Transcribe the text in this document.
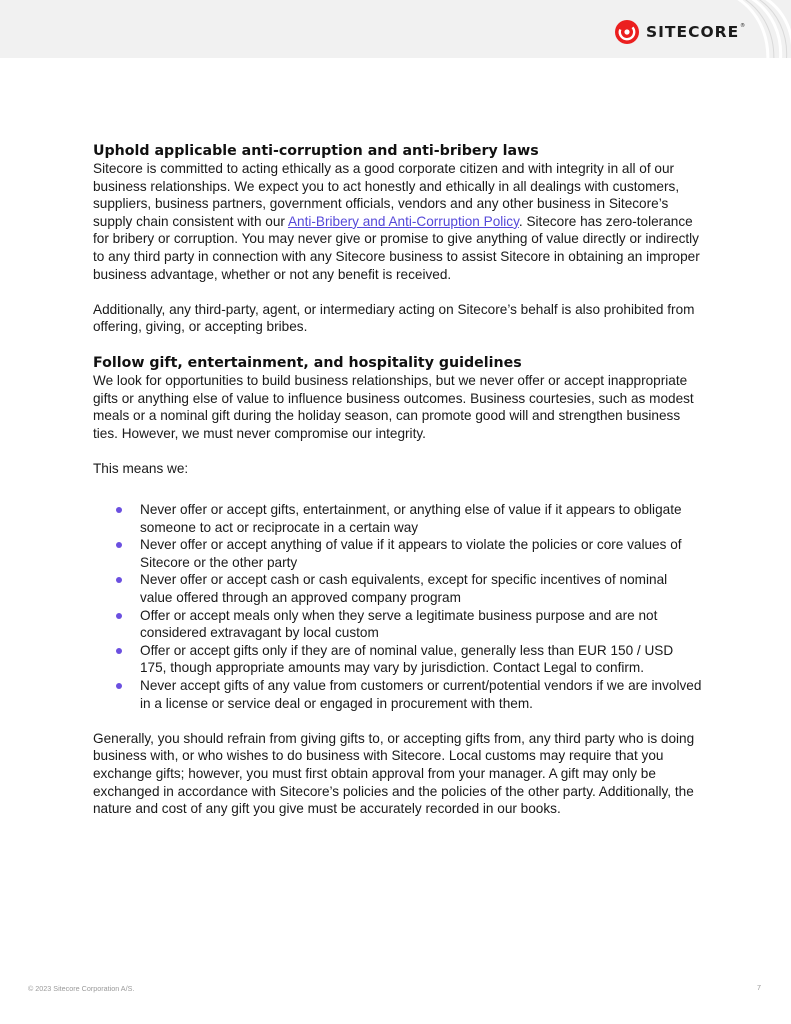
SITECORE®
Uphold applicable anti-corruption and anti-bribery laws

Sitecore is committed to acting ethically as a good corporate citizen and with integrity in all of our business relationships. We expect you to act honestly and ethically in all dealings with customers, suppliers, business partners, government officials, vendors and any other business in Sitecore’s supply chain consistent with our Anti-Bribery and Anti-Corruption Policy. Sitecore has zero-tolerance for bribery or corruption. You may never give or promise to give anything of value directly or indirectly to any third party in connection with any Sitecore business to assist Sitecore in obtaining an improper business advantage, whether or not any benefit is received.

Additionally, any third-party, agent, or intermediary acting on Sitecore’s behalf is also prohibited from offering, giving, or accepting bribes.

Follow gift, entertainment, and hospitality guidelines

We look for opportunities to build business relationships, but we never offer or accept inappropriate gifts or anything else of value to influence business outcomes. Business courtesies, such as modest meals or a nominal gift during the holiday season, can promote good will and strengthen business ties. However, we must never compromise our integrity.

This means we:

Never offer or accept gifts, entertainment, or anything else of value if it appears to obligate someone to act or reciprocate in a certain way
Never offer or accept anything of value if it appears to violate the policies or core values of Sitecore or the other party
Never offer or accept cash or cash equivalents, except for specific incentives of nominal value offered through an approved company program
Offer or accept meals only when they serve a legitimate business purpose and are not considered extravagant by local custom
Offer or accept gifts only if they are of nominal value, generally less than EUR 150 / USD 175, though appropriate amounts may vary by jurisdiction. Contact Legal to confirm.
Never accept gifts of any value from customers or current/potential vendors if we are involved in a license or service deal or engaged in procurement with them.

Generally, you should refrain from giving gifts to, or accepting gifts from, any third party who is doing business with, or who wishes to do business with Sitecore. Local customs may require that you exchange gifts; however, you must first obtain approval from your manager. A gift may only be exchanged in accordance with Sitecore’s policies and the policies of the other party. Additionally, the nature and cost of any gift you give must be accurately recorded in our books.

© 2023 Sitecore Corporation A/S.	7
